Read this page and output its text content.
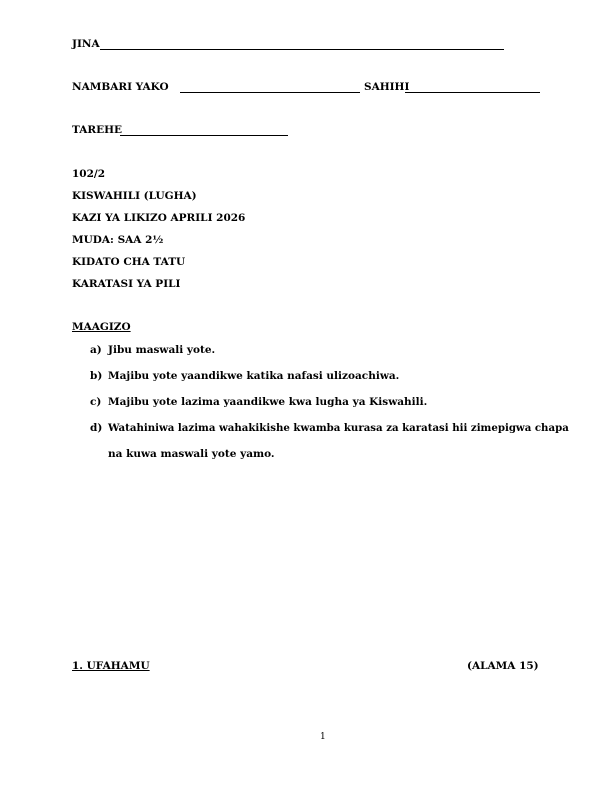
JINA
NAMBARI YAKO	SAHIHI
TAREHE
102/2
KISWAHILI (LUGHA)
KAZI YA LIKIZO APRILI 2026
MUDA: SAA 2½
KIDATO CHA TATU
KARATASI YA PILI
MAAGIZO
a) Jibu maswali yote.
b) Majibu yote yaandikwe katika nafasi ulizoachiwa.
c) Majibu yote lazima yaandikwe kwa lugha ya Kiswahili.
d) Watahiniwa lazima wahakikishe kwamba kurasa za karatasi hii zimepigwa chapa
na kuwa maswali yote yamo.
1. UFAHAMU	(ALAMA 15)
1
